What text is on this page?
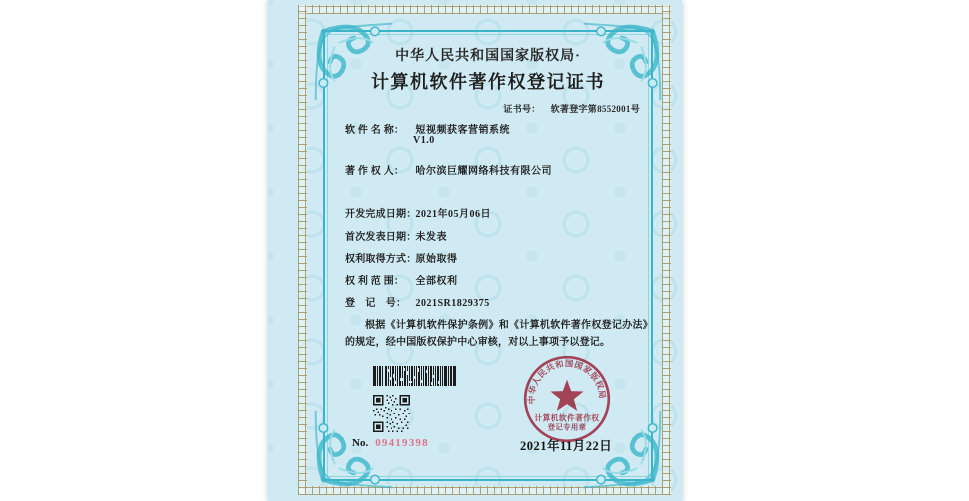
中华人民共和国国家版权局·
计算机软件著作权登记证书
证书号： 软著登字第8552001号
软 件 名 称： 短视频获客营销系统
V1.0
著 作 权 人： 哈尔滨巨耀网络科技有限公司
开发完成日期： 2021年05月06日
首次发表日期： 未发表
权利取得方式： 原始取得
权 利 范 围： 全部权利
登　记　号： 2021SR1829375
根据《计算机软件保护条例》和《计算机软件著作权登记办法》的规定，经中国版权保护中心审核，对以上事项予以登记。
No. 09419398
中华人民共和国国家版权局
计算机软件著作权
登记专用章
2021年11月22日
